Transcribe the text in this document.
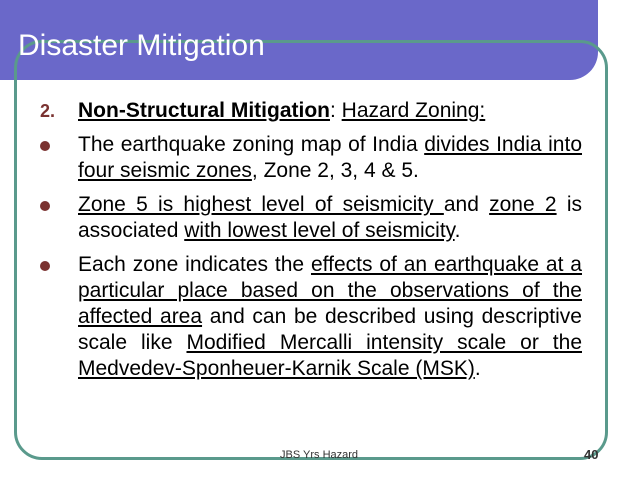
Disaster Mitigation
2.	Non-Structural Mitigation: Hazard Zoning:
The earthquake zoning map of India divides India into four seismic zones, Zone 2, 3, 4 & 5.
Zone 5 is highest level of seismicity and zone 2 is associated with lowest level of seismicity.
Each zone indicates the effects of an earthquake at a particular place based on the observations of the affected area and can be described using descriptive scale like Modified Mercalli intensity scale or the Medvedev-Sponheuer-Karnik Scale (MSK).
JBS Yrs Hazard	40
